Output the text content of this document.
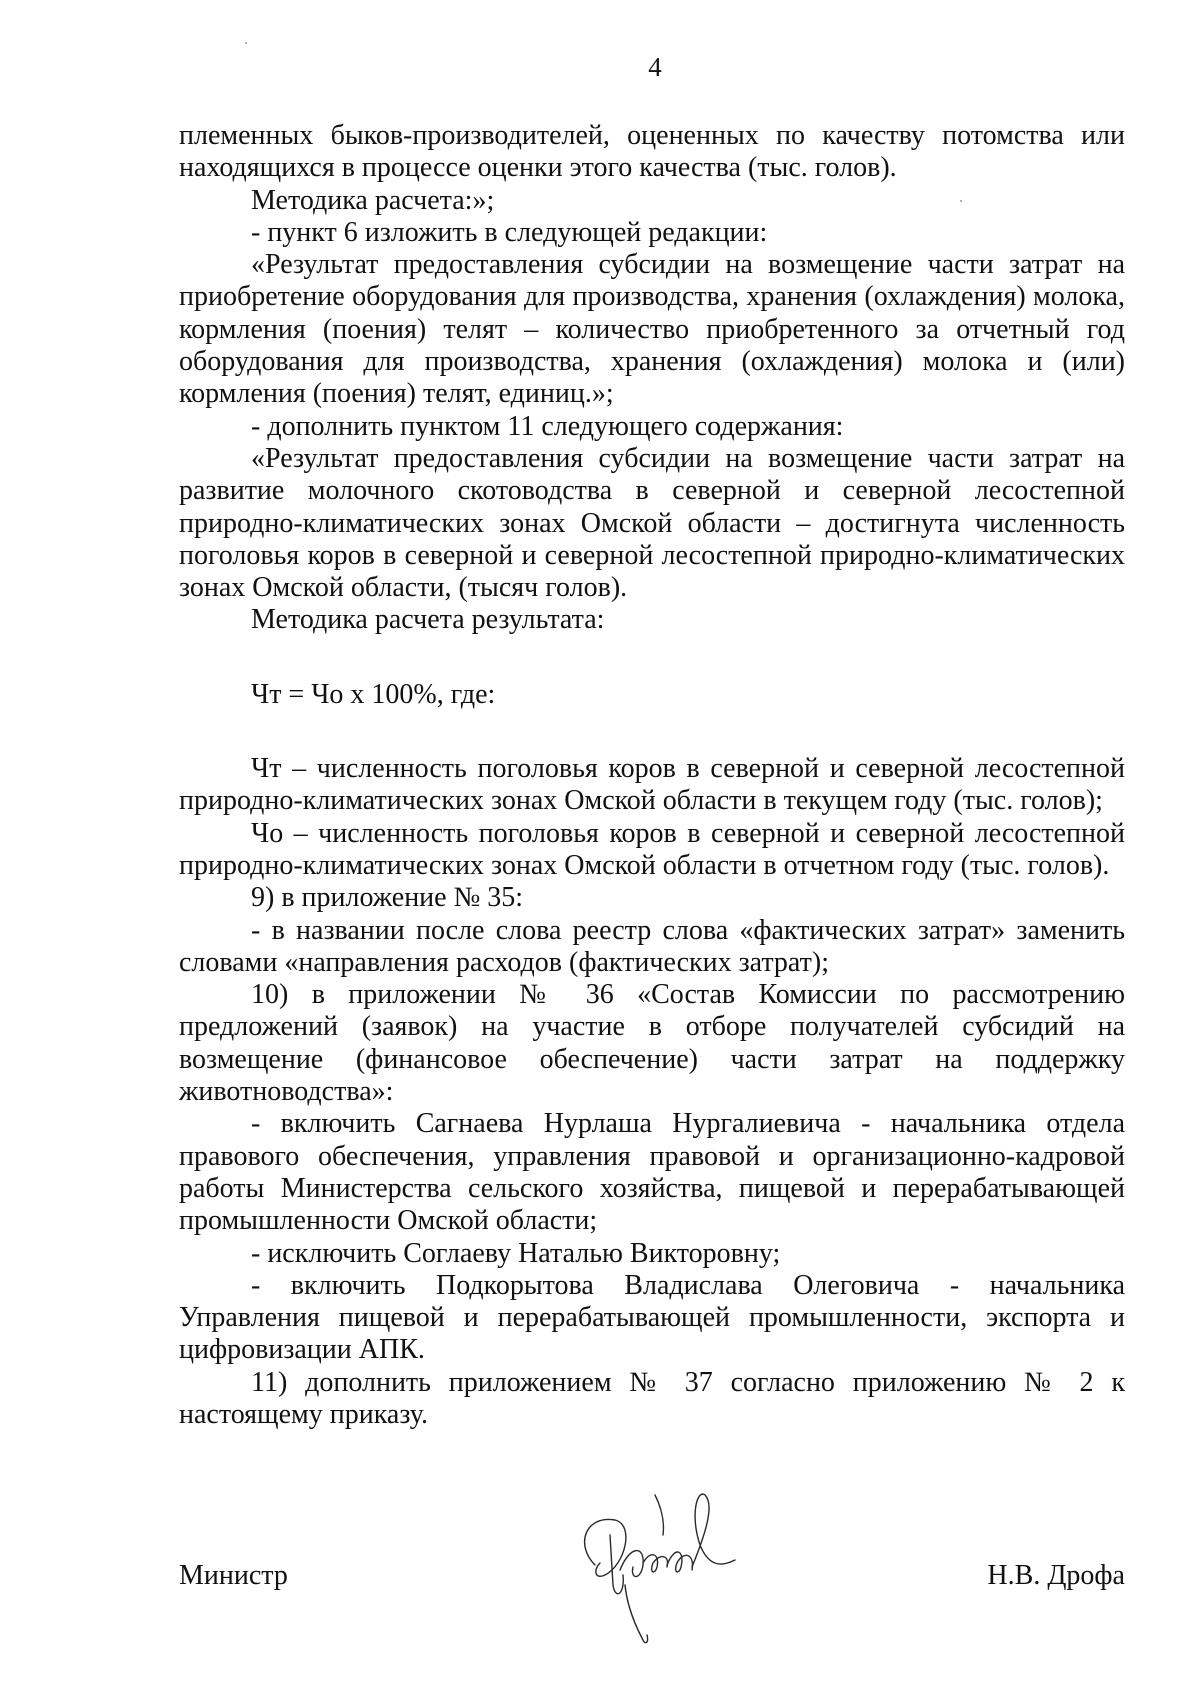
4

племенных быков-производителей, оцененных по качеству потомства или находящихся в процессе оценки этого качества (тыс. голов).

Методика расчета:»;

- пункт 6 изложить в следующей редакции:

«Результат предоставления субсидии на возмещение части затрат на приобретение оборудования для производства, хранения (охлаждения) молока, кормления (поения) телят – количество приобретенного за отчетный год оборудования для производства, хранения (охлаждения) молока и (или) кормления (поения) телят, единиц.»;

- дополнить пунктом 11 следующего содержания:

«Результат предоставления субсидии на возмещение части затрат на развитие молочного скотоводства в северной и северной лесостепной природно-климатических зонах Омской области – достигнута численность поголовья коров в северной и северной лесостепной природно-климатических зонах Омской области, (тысяч голов).

Методика расчета результата:

Чт = Чо х 100%, где:

Чт – численность поголовья коров в северной и северной лесостепной природно-климатических зонах Омской области в текущем году (тыс. голов);

Чо – численность поголовья коров в северной и северной лесостепной природно-климатических зонах Омской области в отчетном году (тыс. голов).

9) в приложение № 35:

- в названии после слова реестр слова «фактических затрат» заменить словами «направления расходов (фактических затрат);

10) в приложении № 36 «Состав Комиссии по рассмотрению предложений (заявок) на участие в отборе получателей субсидий на возмещение (финансовое обеспечение) части затрат на поддержку животноводства»:

- включить Сагнаева Нурлаша Нургалиевича - начальника отдела правового обеспечения, управления правовой и организационно-кадровой работы Министерства сельского хозяйства, пищевой и перерабатывающей промышленности Омской области;

- исключить Соглаеву Наталью Викторовну;

- включить Подкорытова Владислава Олеговича - начальника Управления пищевой и перерабатывающей промышленности, экспорта и цифровизации АПК.

11) дополнить приложением № 37 согласно приложению № 2 к настоящему приказу.

Министр	Н.В. Дрофа
